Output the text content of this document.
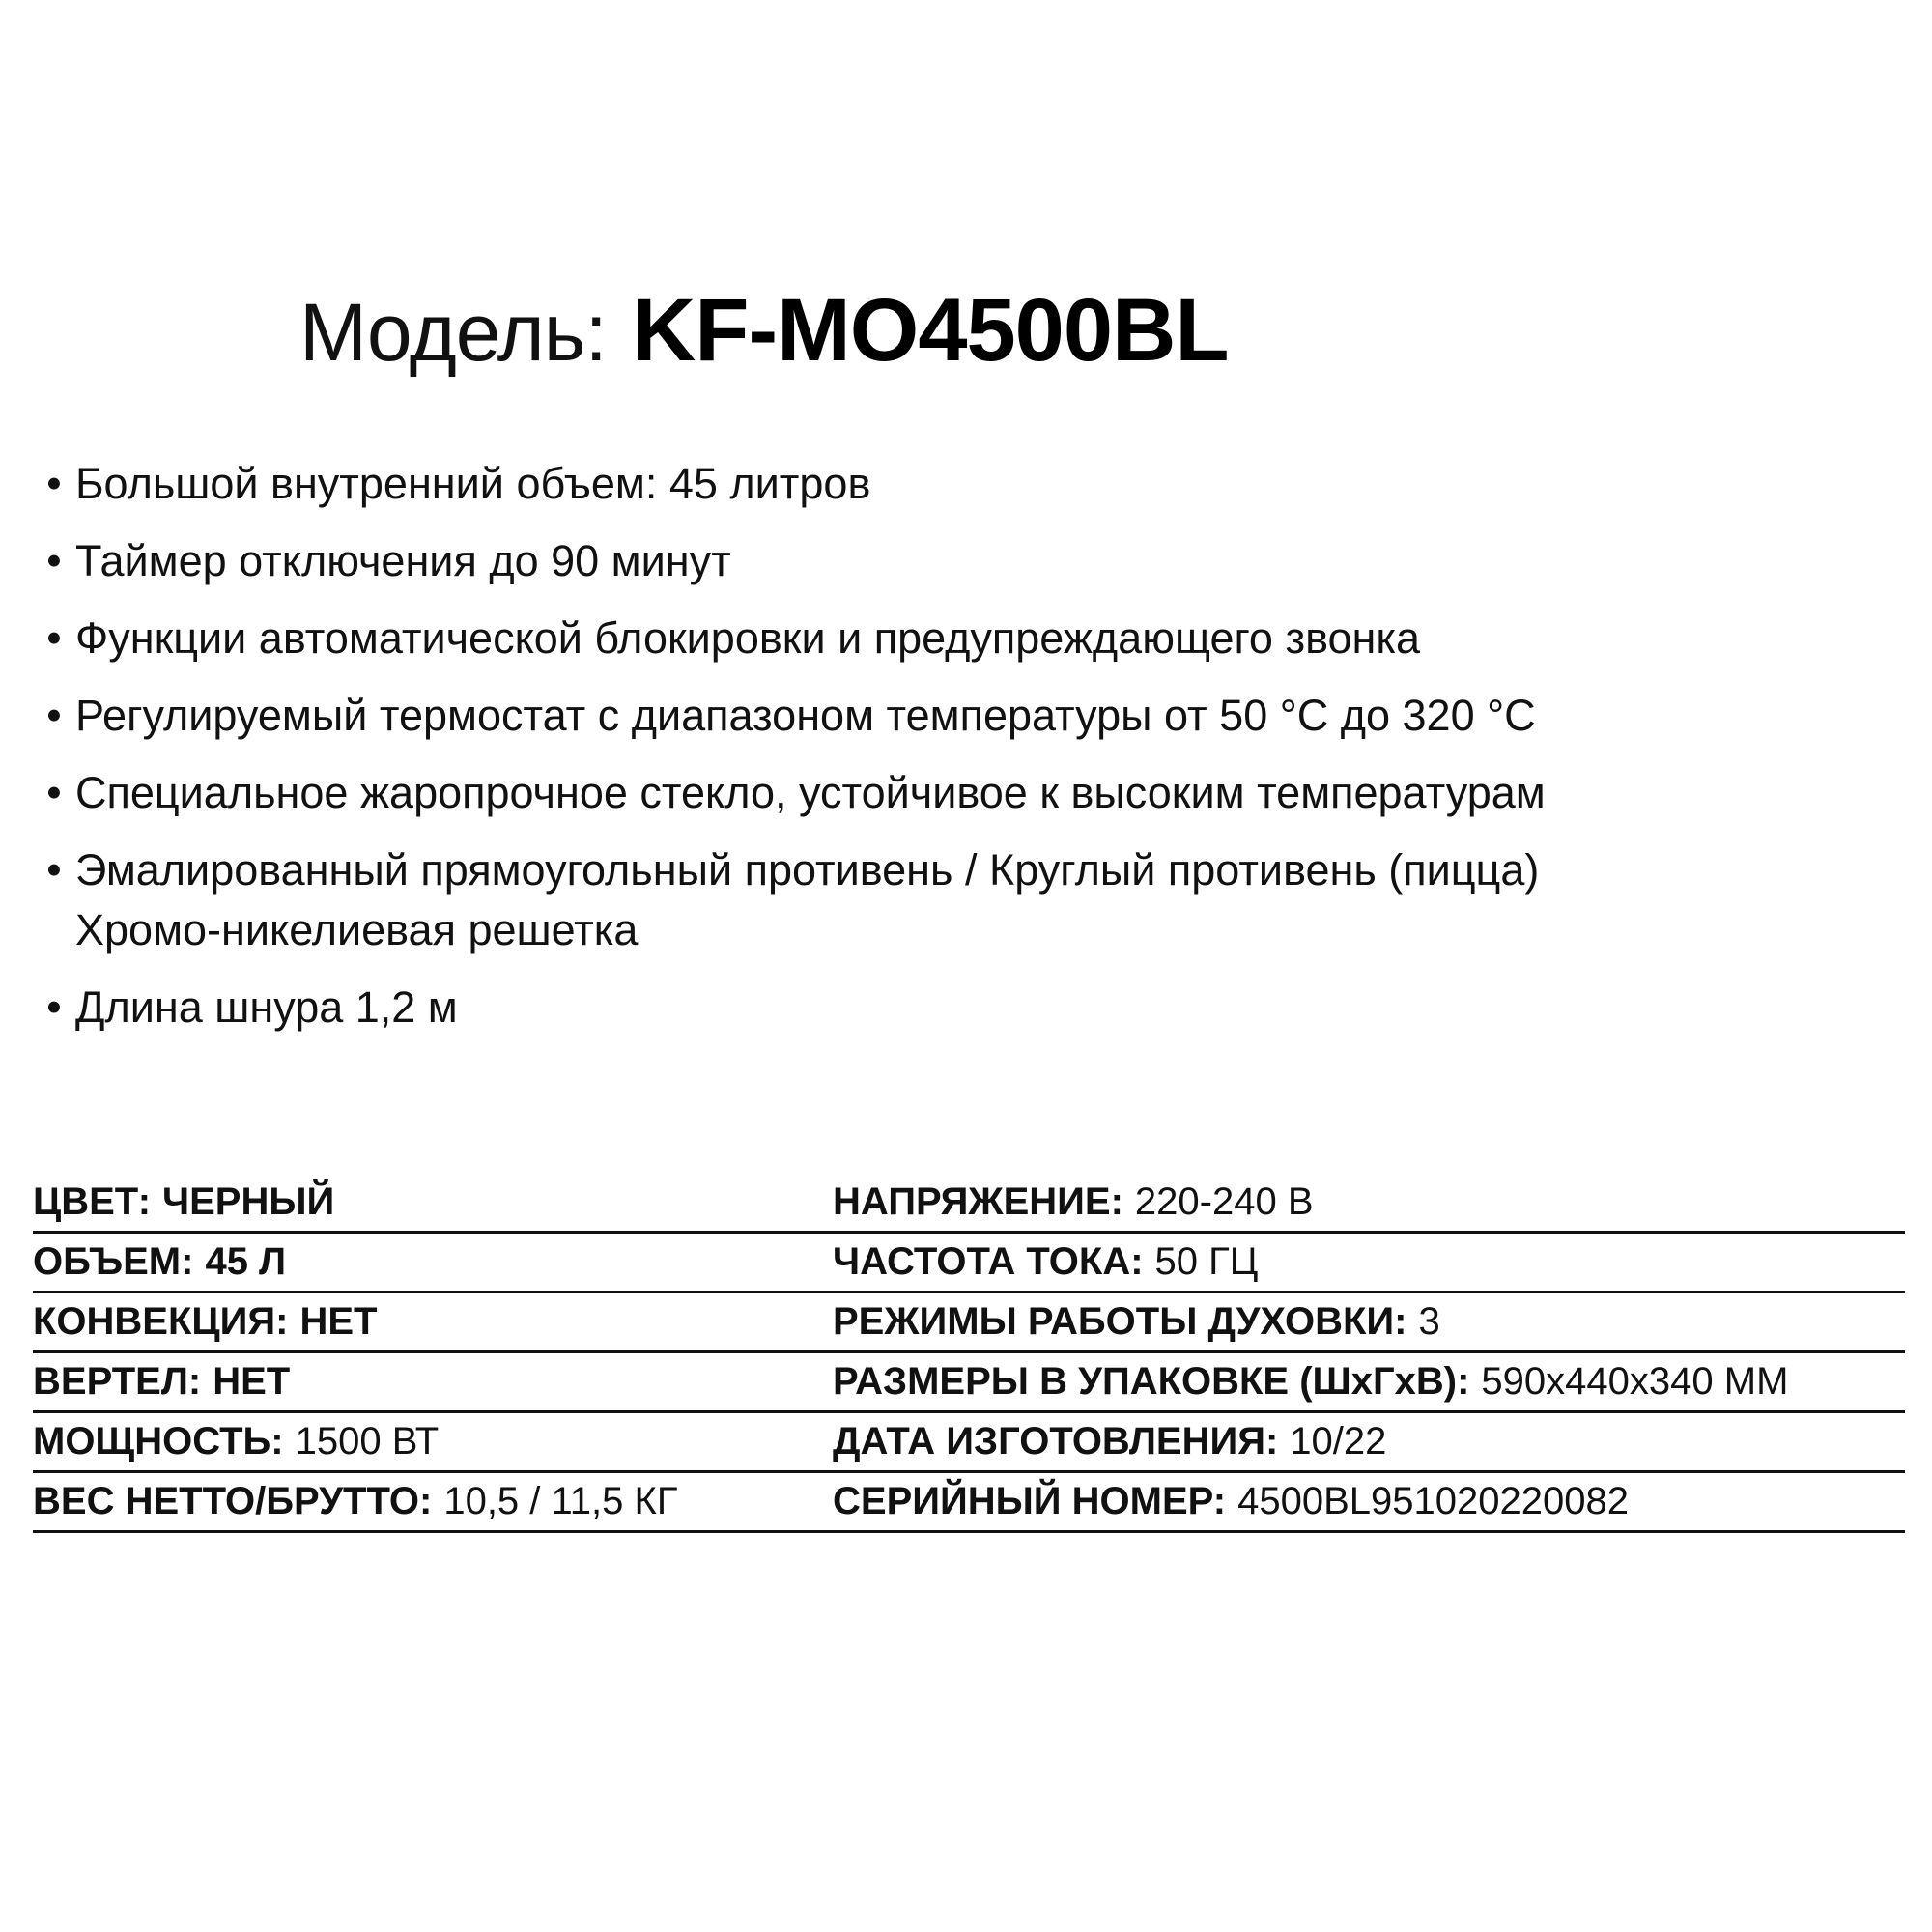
Модель: KF-MO4500BL
• Большой внутренний объем: 45 литров
• Таймер отключения до 90 минут
• Функции автоматической блокировки и предупреждающего звонка
• Регулируемый термостат с диапазоном температуры от 50 °C до 320 °C
• Специальное жаропрочное стекло, устойчивое к высоким температурам
• Эмалированный прямоугольный противень / Круглый противень (пицца)
Хромо-никелиевая решетка
• Длина шнура 1,2 м
ЦВЕТ: ЧЕРНЫЙ
ОБЪЕМ: 45 Л
КОНВЕКЦИЯ: НЕТ
ВЕРТЕЛ: НЕТ
МОЩНОСТЬ: 1500 ВТ
ВЕС НЕТТО/БРУТТО: 10,5 / 11,5 КГ
НАПРЯЖЕНИЕ: 220-240 В
ЧАСТОТА ТОКА: 50 ГЦ
РЕЖИМЫ РАБОТЫ ДУХОВКИ: 3
РАЗМЕРЫ В УПАКОВКЕ (ШхГхВ): 590x440x340 ММ
ДАТА ИЗГОТОВЛЕНИЯ: 10/22
СЕРИЙНЫЙ НОМЕР: 4500BL951020220082
